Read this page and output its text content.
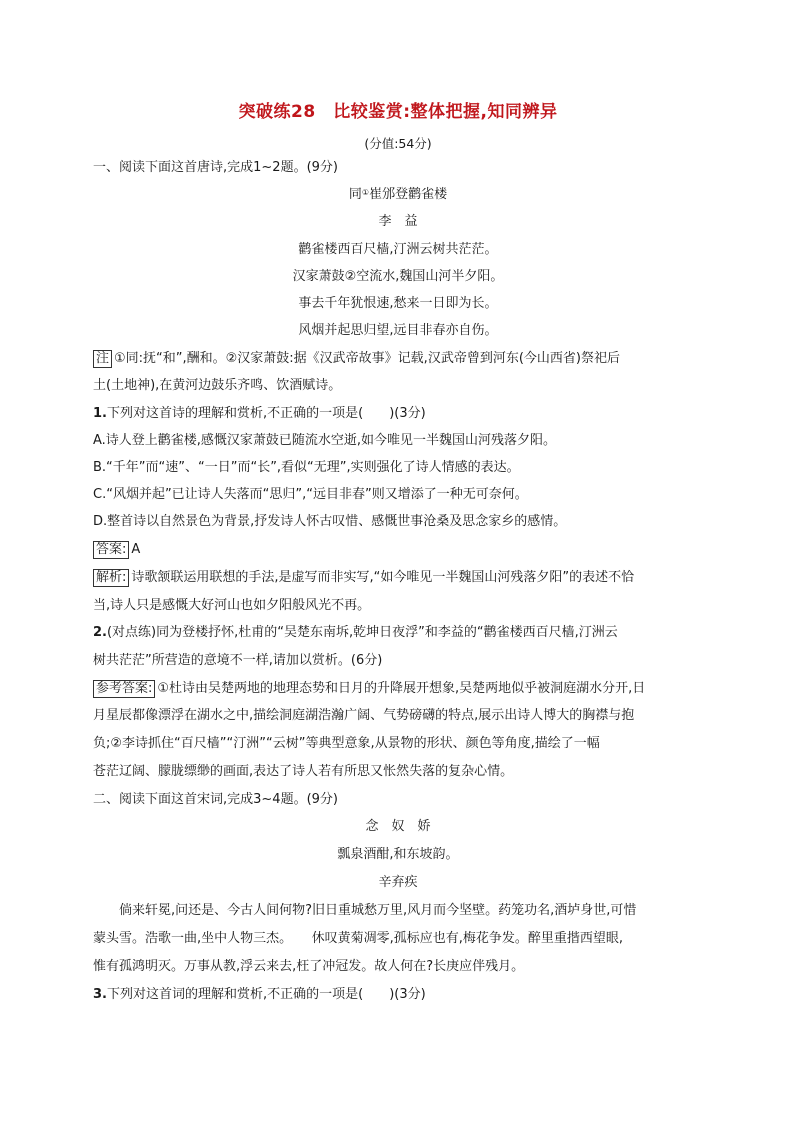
突破练28　比较鉴赏:整体把握,知同辨异
(分值:54分)
一、阅读下面这首唐诗,完成1~2题。(9分)
同①崔邠登鹳雀楼
李　益
鹳雀楼西百尺樯,汀洲云树共茫茫。
汉家萧鼓②空流水,魏国山河半夕阳。
事去千年犹恨速,愁来一日即为长。
风烟并起思归望,远目非春亦自伤。
注 ①同:抚“和”,酬和。②汉家萧鼓:据《汉武帝故事》记载,汉武帝曾到河东(今山西省)祭祀后
土(土地神),在黄河边鼓乐齐鸣、饮酒赋诗。
1.下列对这首诗的理解和赏析,不正确的一项是(　　)(3分)
A.诗人登上鹳雀楼,感慨汉家萧鼓已随流水空逝,如今唯见一半魏国山河残落夕阳。
B.“千年”而“速”、“一日”而“长”,看似“无理”,实则强化了诗人情感的表达。
C.“风烟并起”已让诗人失落而“思归”,“远目非春”则又增添了一种无可奈何。
D.整首诗以自然景色为背景,抒发诗人怀古叹惜、感慨世事沧桑及思念家乡的感情。
答案: A
解析: 诗歌颔联运用联想的手法,是虚写而非实写,“如今唯见一半魏国山河残落夕阳”的表述不恰
当,诗人只是感慨大好河山也如夕阳般风光不再。
2.(对点练)同为登楼抒怀,杜甫的“吴楚东南坼,乾坤日夜浮”和李益的“鹳雀楼西百尺樯,汀洲云
树共茫茫”所营造的意境不一样,请加以赏析。(6分)
参考答案: ①杜诗由吴楚两地的地理态势和日月的升降展开想象,吴楚两地似乎被洞庭湖水分开,日
月星辰都像漂浮在湖水之中,描绘洞庭湖浩瀚广阔、气势磅礴的特点,展示出诗人博大的胸襟与抱
负;②李诗抓住“百尺樯”“汀洲”“云树”等典型意象,从景物的形状、颜色等角度,描绘了一幅
苍茫辽阔、朦胧缥缈的画面,表达了诗人若有所思又怅然失落的复杂心情。
二、阅读下面这首宋词,完成3~4题。(9分)
念　奴　娇
瓢泉酒酣,和东坡韵。
辛弃疾
倘来轩冕,问还是、今古人间何物?旧日重城愁万里,风月而今坚壁。药笼功名,酒垆身世,可惜
蒙头雪。浩歌一曲,坐中人物三杰。　　休叹黄菊凋零,孤标应也有,梅花争发。醉里重揩西望眼,
惟有孤鸿明灭。万事从教,浮云来去,枉了冲冠发。故人何在?长庚应伴残月。
3.下列对这首词的理解和赏析,不正确的一项是(　　)(3分)
